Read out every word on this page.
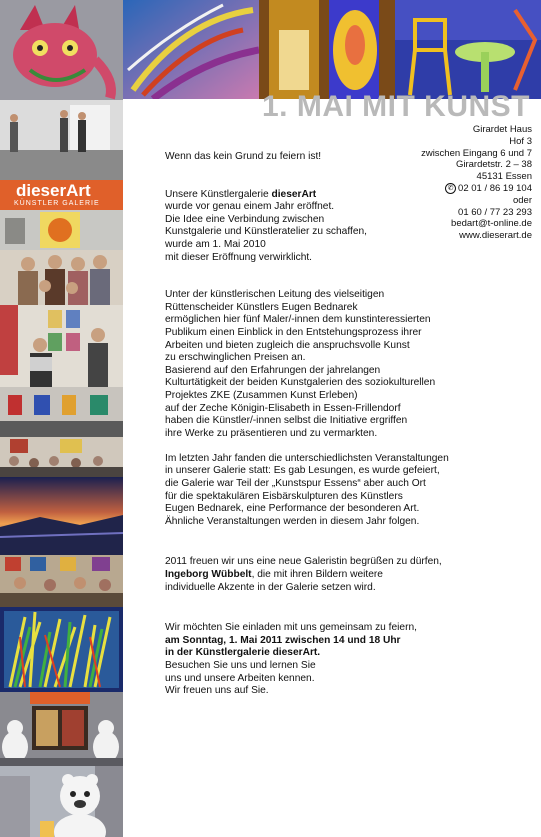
dieserArt
KÜNSTLER GALERIE
1. MAI MIT KUNST
Girardet Haus
Hof 3
zwischen Eingang 6 und 7
Girardetstr. 2 – 38
45131 Essen
✆ 02 01 / 86 19 104
oder
01 60 / 77 23 293
bedart@t-online.de
www.dieserart.de

Wenn das kein Grund zu feiern ist!

Unsere Künstlergalerie dieserArt

wurde vor genau einem Jahr eröffnet.

Die Idee eine Verbindung zwischen

Kunstgalerie und Künstleratelier zu schaffen,

wurde am 1. Mai 2010

mit dieser Eröffnung verwirklicht.

Unter der künstlerischen Leitung des vielseitigen

Rüttenscheider Künstlers Eugen Bednarek

ermöglichen hier fünf Maler/-innen dem kunstinteressierten

Publikum einen Einblick in den Entstehungsprozess ihrer

Arbeiten und bieten zugleich die anspruchsvolle Kunst

zu erschwinglichen Preisen an.

Basierend auf den Erfahrungen der jahrelangen

Kulturtätigkeit der beiden Kunstgalerien des soziokulturellen

Projektes ZKE (Zusammen Kunst Erleben)

auf der Zeche Königin-Elisabeth in Essen-Frillendorf

haben die Künstler/-innen selbst die Initiative ergriffen

ihre Werke zu präsentieren und zu vermarkten.

Im letzten Jahr fanden die unterschiedlichsten Veranstaltungen

in unserer Galerie statt: Es gab Lesungen, es wurde gefeiert,

die Galerie war Teil der „Kunstspur Essens“ aber auch Ort

für die spektakulären Eisbärskulpturen des Künstlers

Eugen Bednarek, eine Performance der besonderen Art.

Ähnliche Veranstaltungen werden in diesem Jahr folgen.

2011 freuen wir uns eine neue Galeristin begrüßen zu dürfen,

Ingeborg Wübbelt, die mit ihren Bildern weitere

individuelle Akzente in der Galerie setzen wird.

Wir möchten Sie einladen mit uns gemeinsam zu feiern,

am Sonntag, 1. Mai 2011 zwischen 14 und 18 Uhr

in der Künstlergalerie dieserArt.

Besuchen Sie uns und lernen Sie

uns und unsere Arbeiten kennen.

Wir freuen uns auf Sie.
